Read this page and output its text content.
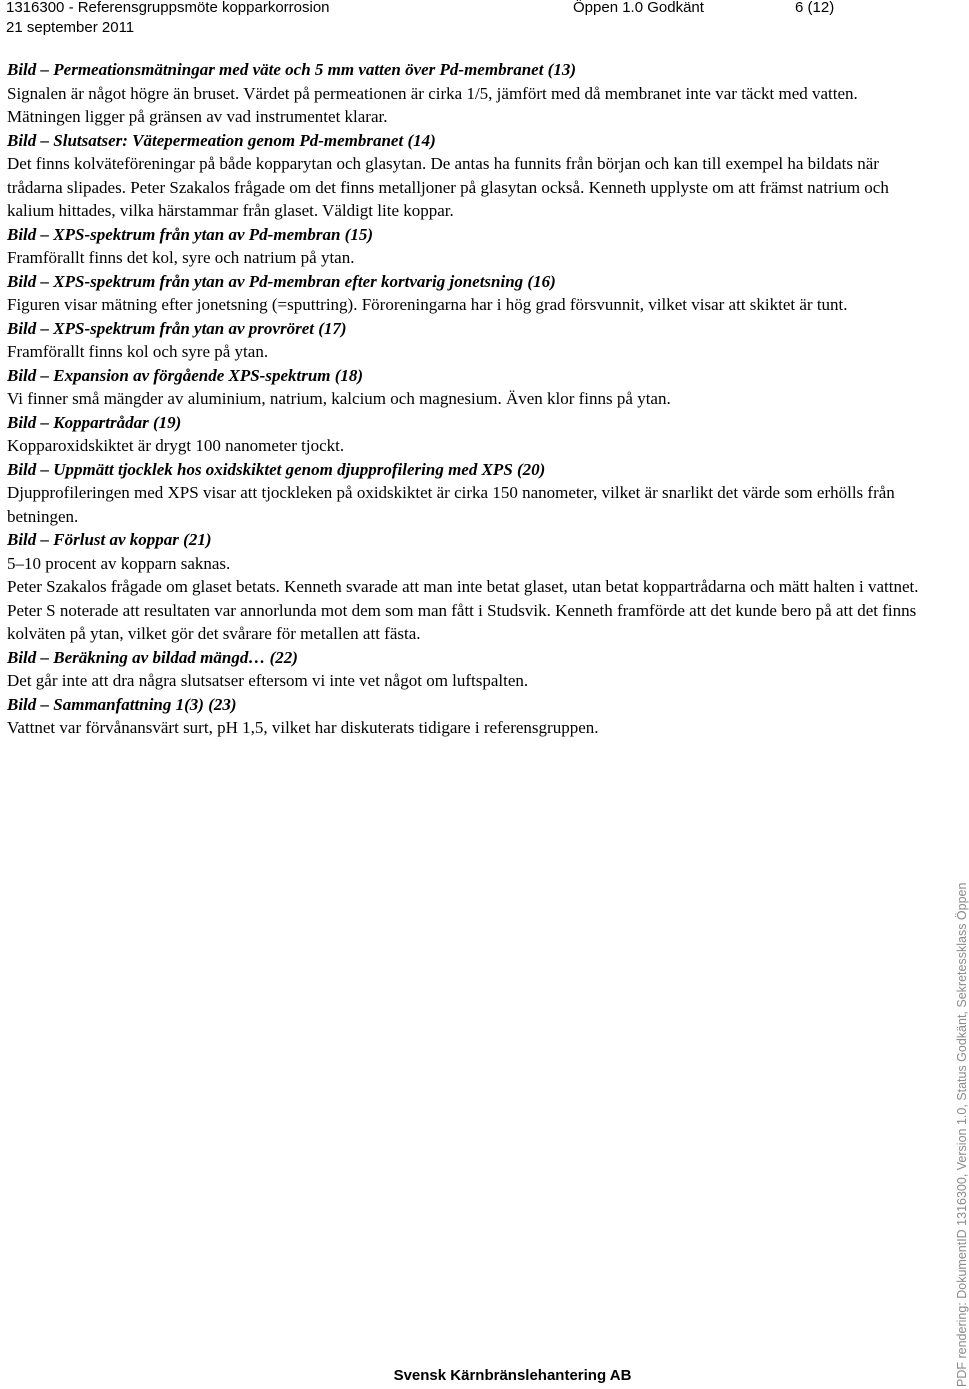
1316300 - Referensgruppsmöte kopparkorrosion
21 september 2011
Öppen 1.0 Godkänt	6 (12)

Bild – Permeationsmätningar med väte och 5 mm vatten över Pd-membranet (13)

Signalen är något högre än bruset. Värdet på permeationen är cirka 1/5, jämfört med då membranet inte var täckt med vatten. Mätningen ligger på gränsen av vad instrumentet klarar.

Bild – Slutsatser: Vätepermeation genom Pd-membranet (14)

Det finns kolväteföreningar på både kopparytan och glasytan. De antas ha funnits från början och kan till exempel ha bildats när trådarna slipades. Peter Szakalos frågade om det finns metalljoner på glasytan också. Kenneth upplyste om att främst natrium och kalium hittades, vilka härstammar från glaset. Väldigt lite koppar.

Bild – XPS-spektrum från ytan av Pd-membran (15)

Framförallt finns det kol, syre och natrium på ytan.

Bild – XPS-spektrum från ytan av Pd-membran efter kortvarig jonetsning (16)

Figuren visar mätning efter jonetsning (=sputtring). Föroreningarna har i hög grad försvunnit, vilket visar att skiktet är tunt.

Bild – XPS-spektrum från ytan av provröret (17)

Framförallt finns kol och syre på ytan.

Bild – Expansion av förgående XPS-spektrum (18)

Vi finner små mängder av aluminium, natrium, kalcium och magnesium. Även klor finns på ytan.

Bild – Koppartrådar (19)

Kopparoxidskiktet är drygt 100 nanometer tjockt.

Bild – Uppmätt tjocklek hos oxidskiktet genom djupprofilering med XPS (20)

Djupprofileringen med XPS visar att tjockleken på oxidskiktet är cirka 150 nanometer, vilket är snarlikt det värde som erhölls från betningen.

Bild – Förlust av koppar (21)

5–10 procent av kopparn saknas.

Peter Szakalos frågade om glaset betats. Kenneth svarade att man inte betat glaset, utan betat koppartrådarna och mätt halten i vattnet. Peter S noterade att resultaten var annorlunda mot dem som man fått i Studsvik. Kenneth framförde att det kunde bero på att det finns kolväten på ytan, vilket gör det svårare för metallen att fästa.

Bild – Beräkning av bildad mängd… (22)

Det går inte att dra några slutsatser eftersom vi inte vet något om luftspalten.

Bild – Sammanfattning 1(3) (23)

Vattnet var förvånansvärt surt, pH 1,5, vilket har diskuterats tidigare i referensgruppen.

Svensk Kärnbränslehantering AB	PDF rendering: DokumentID 1316300, Version 1.0, Status Godkänt, Sekretessklass Öppen
